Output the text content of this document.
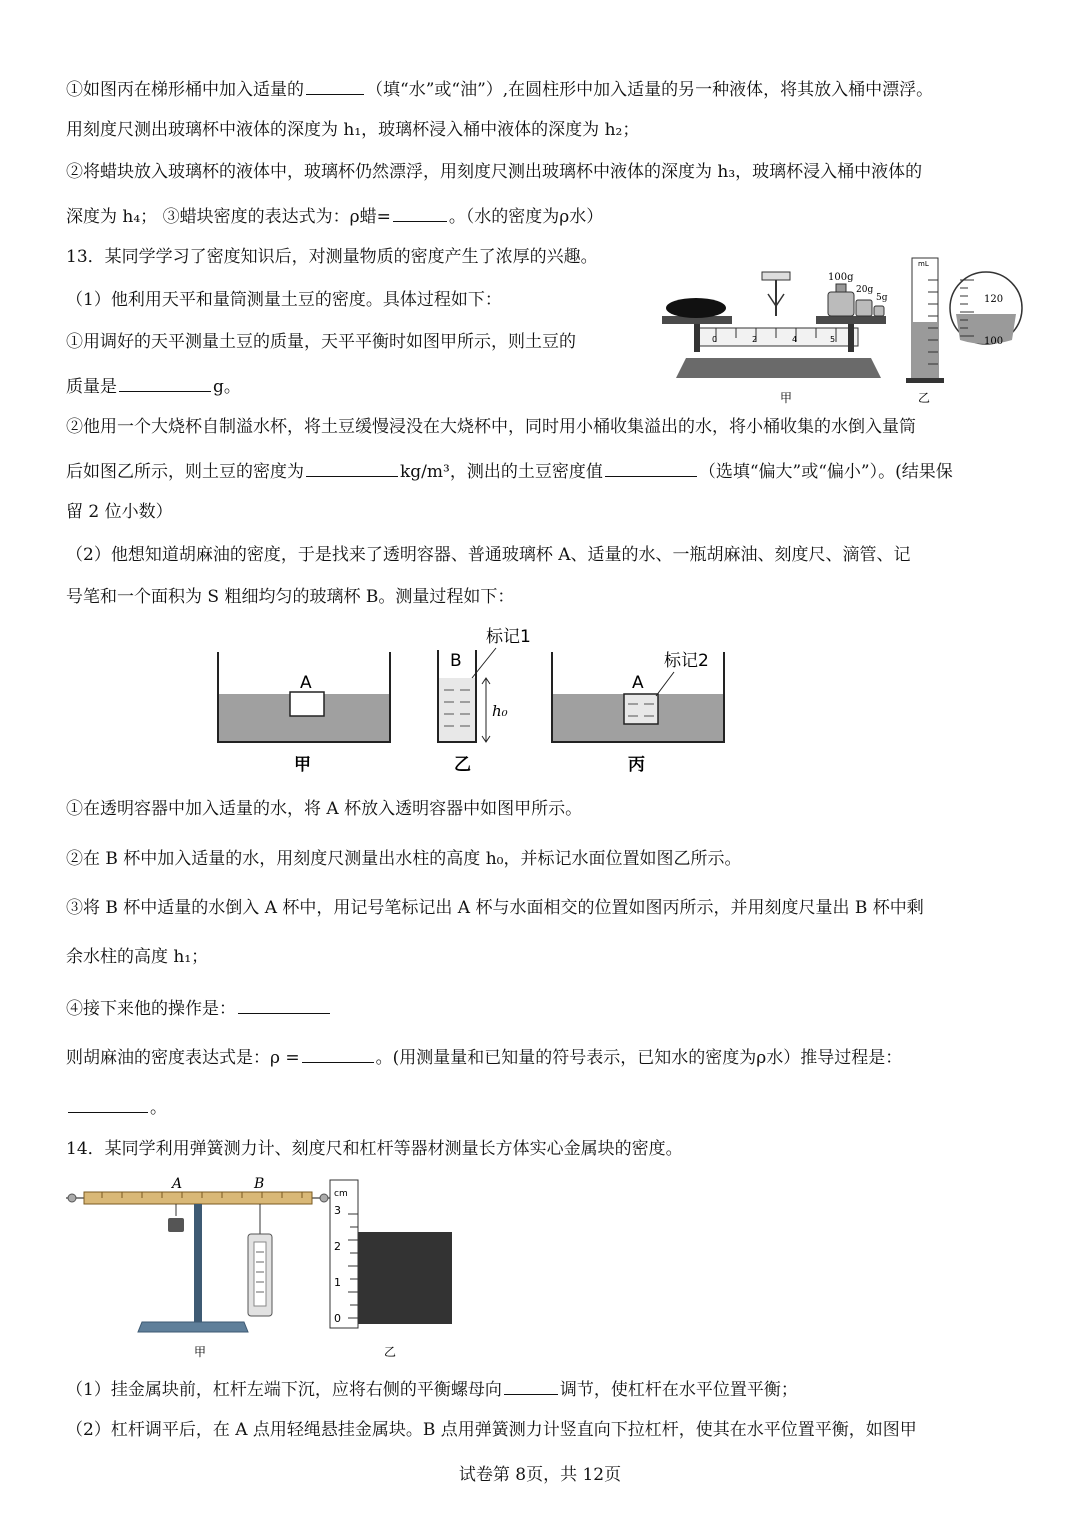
①如图丙在梯形桶中加入适量的	（填“水”或“油”）,在圆柱形中加入适量的另一种液体，将其放入桶中漂浮。
用刻度尺测出玻璃杯中液体的深度为 h₁，玻璃杯浸入桶中液体的深度为 h₂；
②将蜡块放入玻璃杯的液体中，玻璃杯仍然漂浮，用刻度尺测出玻璃杯中液体的深度为 h₃，玻璃杯浸入桶中液体的
深度为 h₄； ③蜡块密度的表达式为：ρ蜡=	。（水的密度为ρ水）
13．某同学学习了密度知识后，对测量物质的密度产生了浓厚的兴趣。
（1）他利用天平和量筒测量土豆的密度。具体过程如下：
①用调好的天平测量土豆的质量，天平平衡时如图甲所示，则土豆的
质量是	g。
②他用一个大烧杯自制溢水杯，将土豆缓慢浸没在大烧杯中，同时用小桶收集溢出的水，将小桶收集的水倒入量筒
后如图乙所示，则土豆的密度为	kg/m³，测出的土豆密度值	（选填“偏大”或“偏小”）。(结果保
留 2 位小数）
（2）他想知道胡麻油的密度，于是找来了透明容器、普通玻璃杯 A、适量的水、一瓶胡麻油、刻度尺、滴管、记
号笔和一个面积为 S 粗细均匀的玻璃杯 B。测量过程如下：
①在透明容器中加入适量的水，将 A 杯放入透明容器中如图甲所示。
②在 B 杯中加入适量的水，用刻度尺测量出水柱的高度 h₀，并标记水面位置如图乙所示。
③将 B 杯中适量的水倒入 A 杯中，用记号笔标记出 A 杯与水面相交的位置如图丙所示，并用刻度尺量出 B 杯中剩
余水柱的高度 h₁；
④接下来他的操作是：
则胡麻油的密度表达式是：ρ =	。(用测量量和已知量的符号表示，已知水的密度为ρ水）推导过程是：
。
14．某同学利用弹簧测力计、刻度尺和杠杆等器材测量长方体实心金属块的密度。
（1）挂金属块前，杠杆左端下沉，应将右侧的平衡螺母向	调节，使杠杆在水平位置平衡；
（2）杠杆调平后，在 A 点用轻绳悬挂金属块。B 点用弹簧测力计竖直向下拉杠杆，使其在水平位置平衡，如图甲
0	2	4	5
100g
20g
5g
甲
mL
乙
120
100
A
甲
B
标记1
h₀
乙
A
标记2
丙
A	B
甲
0
1
2
3
cm
乙
试卷第 8页，共 12页
